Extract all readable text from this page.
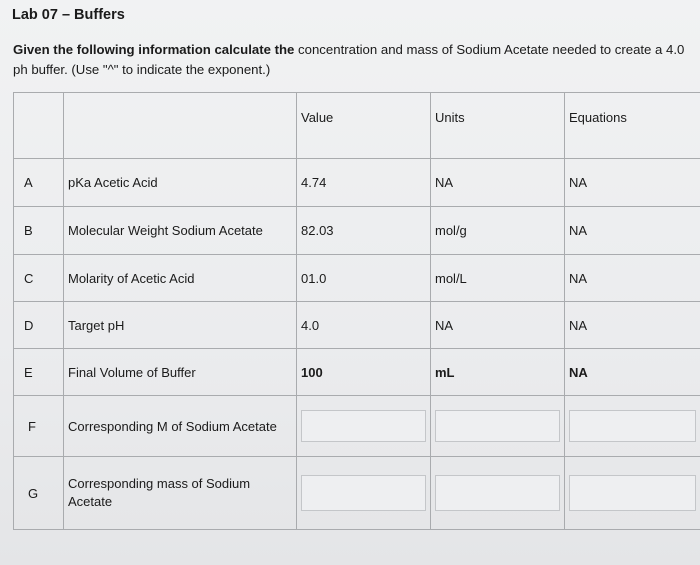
Lab 07 – Buffers
Given the following information calculate the concentration and mass of Sodium Acetate needed to create a 4.0 ph buffer. (Use "^" to indicate the exponent.)
		Value	Units	Equations
A	pKa Acetic Acid	4.74	NA	NA
B	Molecular Weight Sodium Acetate	82.03	mol/g	NA
C	Molarity of Acetic Acid	01.0	mol/L	NA
D	Target pH	4.0	NA	NA
E	Final Volume of Buffer	100	mL	NA
F	Corresponding M of Sodium Acetate	

G	Corresponding mass of Sodium Acetate	
